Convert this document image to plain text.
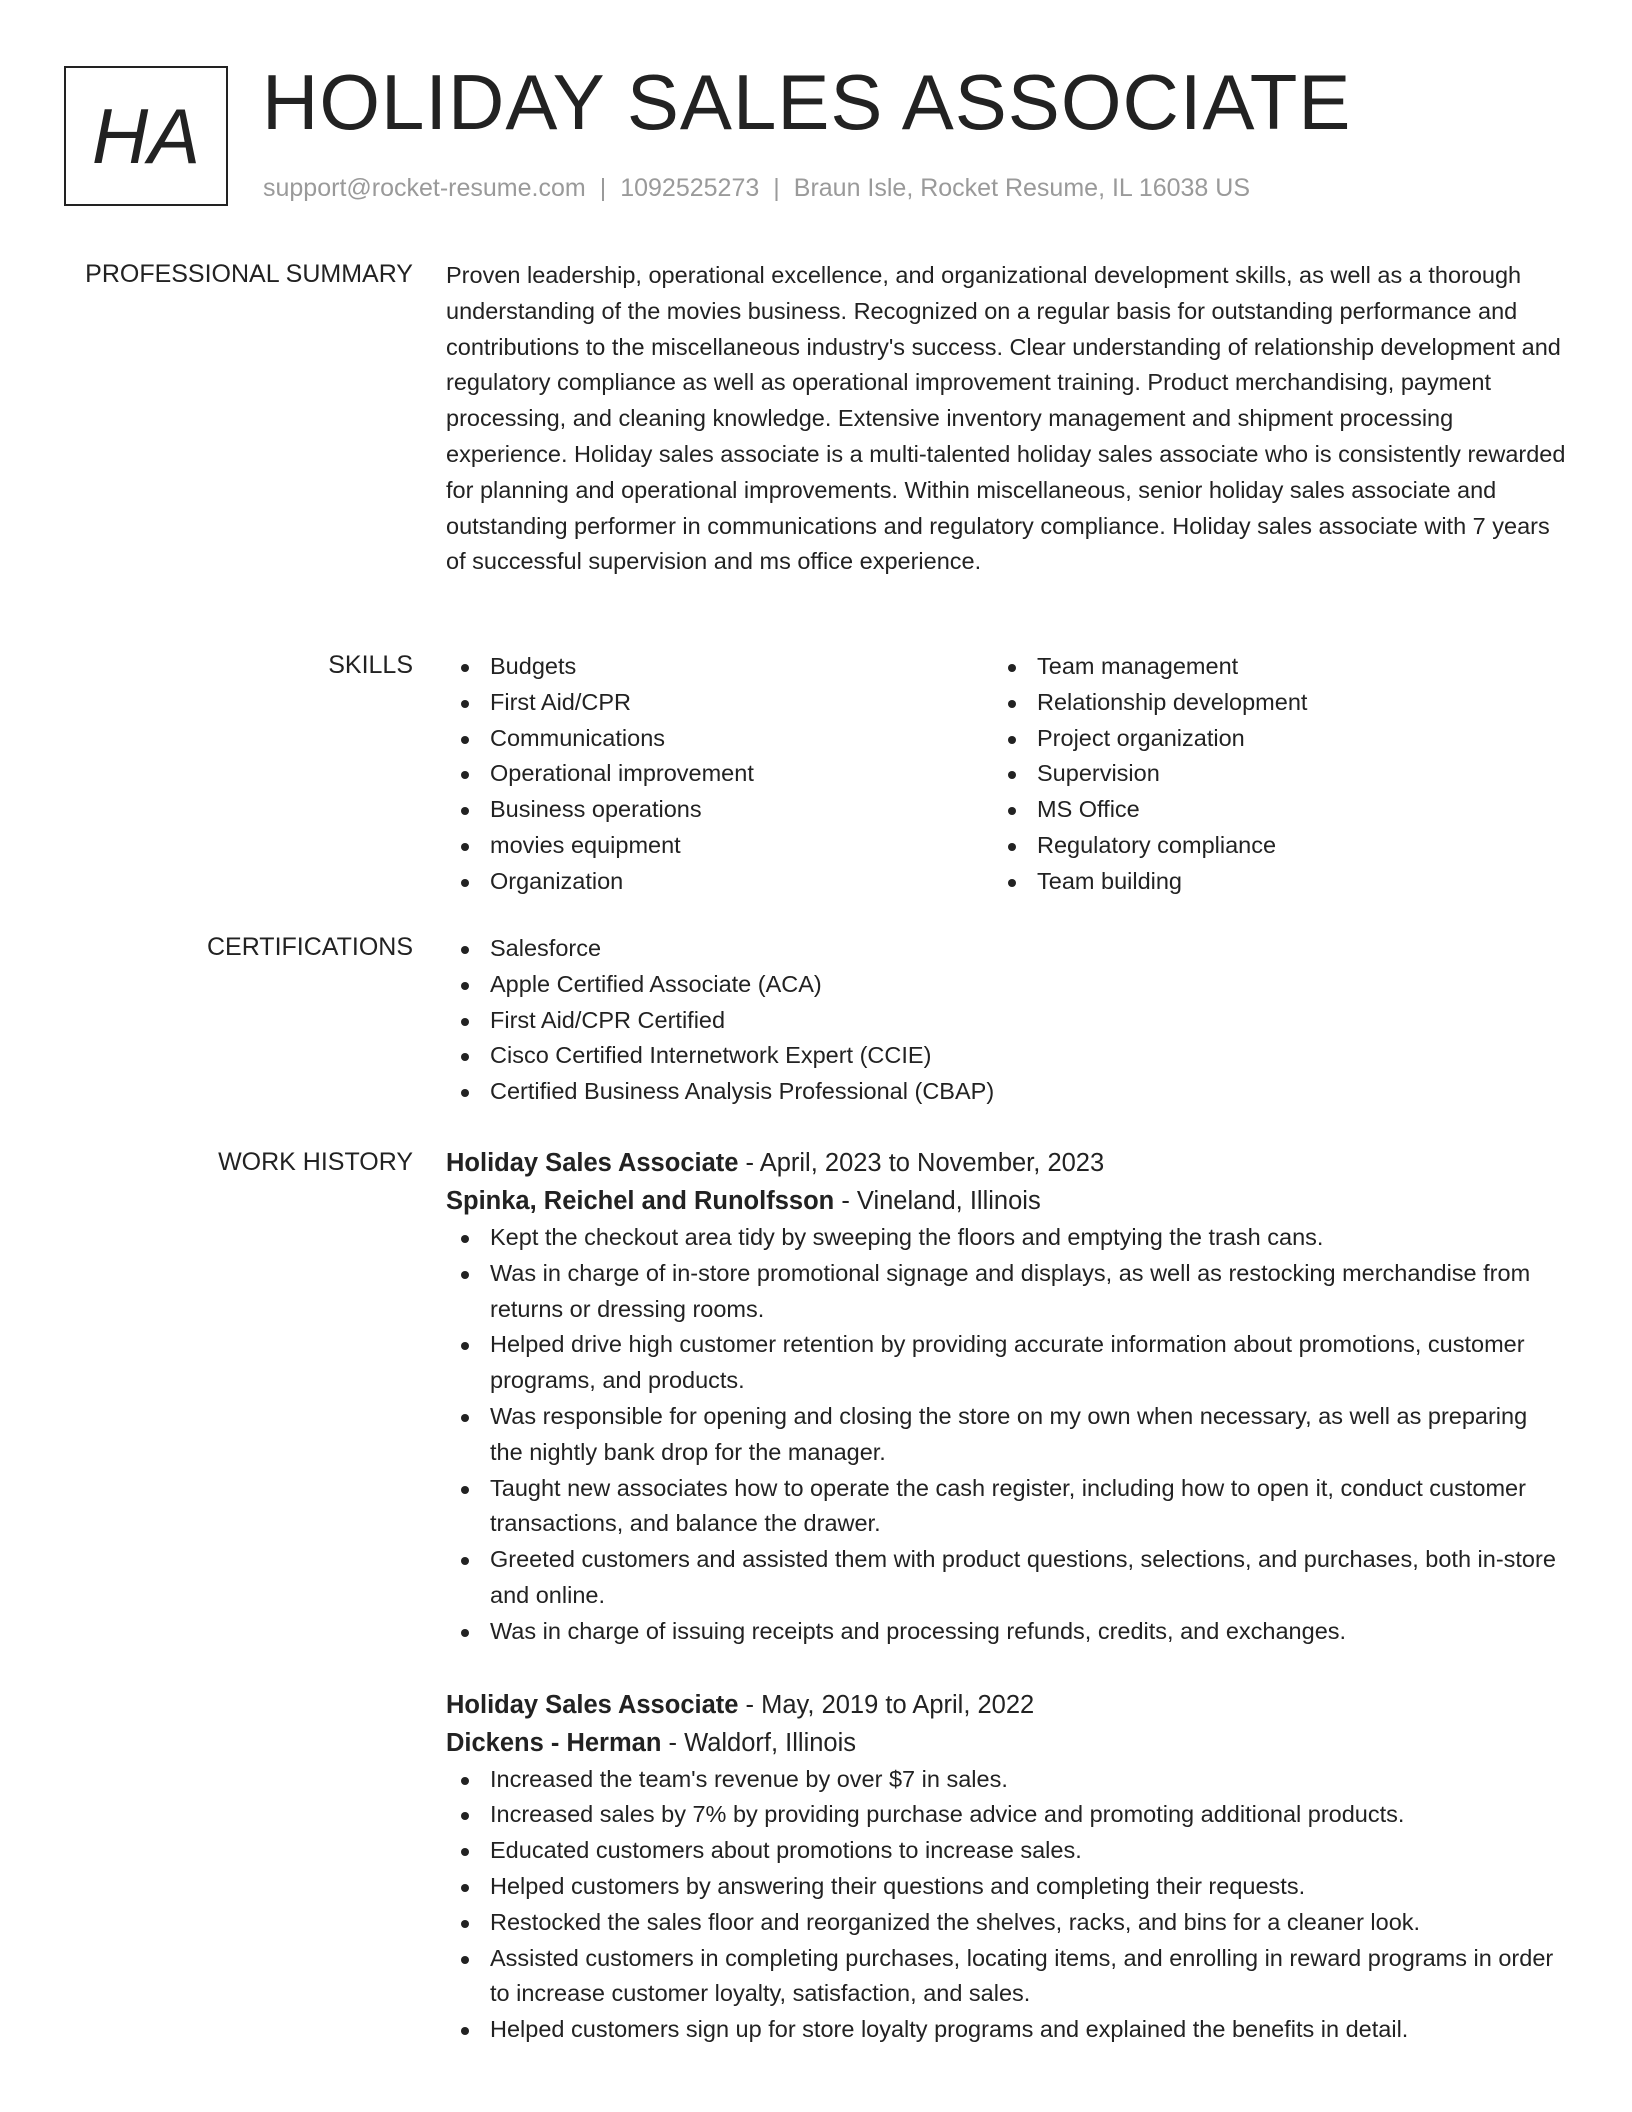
HA HOLIDAY SALES ASSOCIATE
support@rocket-resume.com | 1092525273 | Braun Isle, Rocket Resume, IL 16038 US
PROFESSIONAL SUMMARY Proven leadership, operational excellence, and organizational development skills, as well as a thorough understanding of the movies business. Recognized on a regular basis for outstanding performance and contributions to the miscellaneous industry's success. Clear understanding of relationship development and regulatory compliance as well as operational improvement training. Product merchandising, payment processing, and cleaning knowledge. Extensive inventory management and shipment processing experience. Holiday sales associate is a multi-talented holiday sales associate who is consistently rewarded for planning and operational improvements. Within miscellaneous, senior holiday sales associate and outstanding performer in communications and regulatory compliance. Holiday sales associate with 7 years of successful supervision and ms office experience.

SKILLS	Budgets
First Aid/CPR
Communications
Operational improvement
Business operations
movies equipment
Organization
Team management
Relationship development
Project organization
Supervision
MS Office
Regulatory compliance
Team building
CERTIFICATIONS	Salesforce
Apple Certified Associate (ACA)
First Aid/CPR Certified
Cisco Certified Internetwork Expert (CCIE)
Certified Business Analysis Professional (CBAP)
WORK HISTORY Holiday Sales Associate - April, 2023 to November, 2023
Spinka, Reichel and Runolfsson - Vineland, Illinois
Kept the checkout area tidy by sweeping the floors and emptying the trash cans.
Was in charge of in-store promotional signage and displays, as well as restocking merchandise from returns or dressing rooms.
Helped drive high customer retention by providing accurate information about promotions, customer programs, and products.
Was responsible for opening and closing the store on my own when necessary, as well as preparing the nightly bank drop for the manager.
Taught new associates how to operate the cash register, including how to open it, conduct customer transactions, and balance the drawer.
Greeted customers and assisted them with product questions, selections, and purchases, both in-store and online.
Was in charge of issuing receipts and processing refunds, credits, and exchanges.
Holiday Sales Associate - May, 2019 to April, 2022
Dickens - Herman - Waldorf, Illinois
Increased the team's revenue by over $7 in sales.
Increased sales by 7% by providing purchase advice and promoting additional products.
Educated customers about promotions to increase sales.
Helped customers by answering their questions and completing their requests.
Restocked the sales floor and reorganized the shelves, racks, and bins for a cleaner look.
Assisted customers in completing purchases, locating items, and enrolling in reward programs in order to increase customer loyalty, satisfaction, and sales.
Helped customers sign up for store loyalty programs and explained the benefits in detail.
